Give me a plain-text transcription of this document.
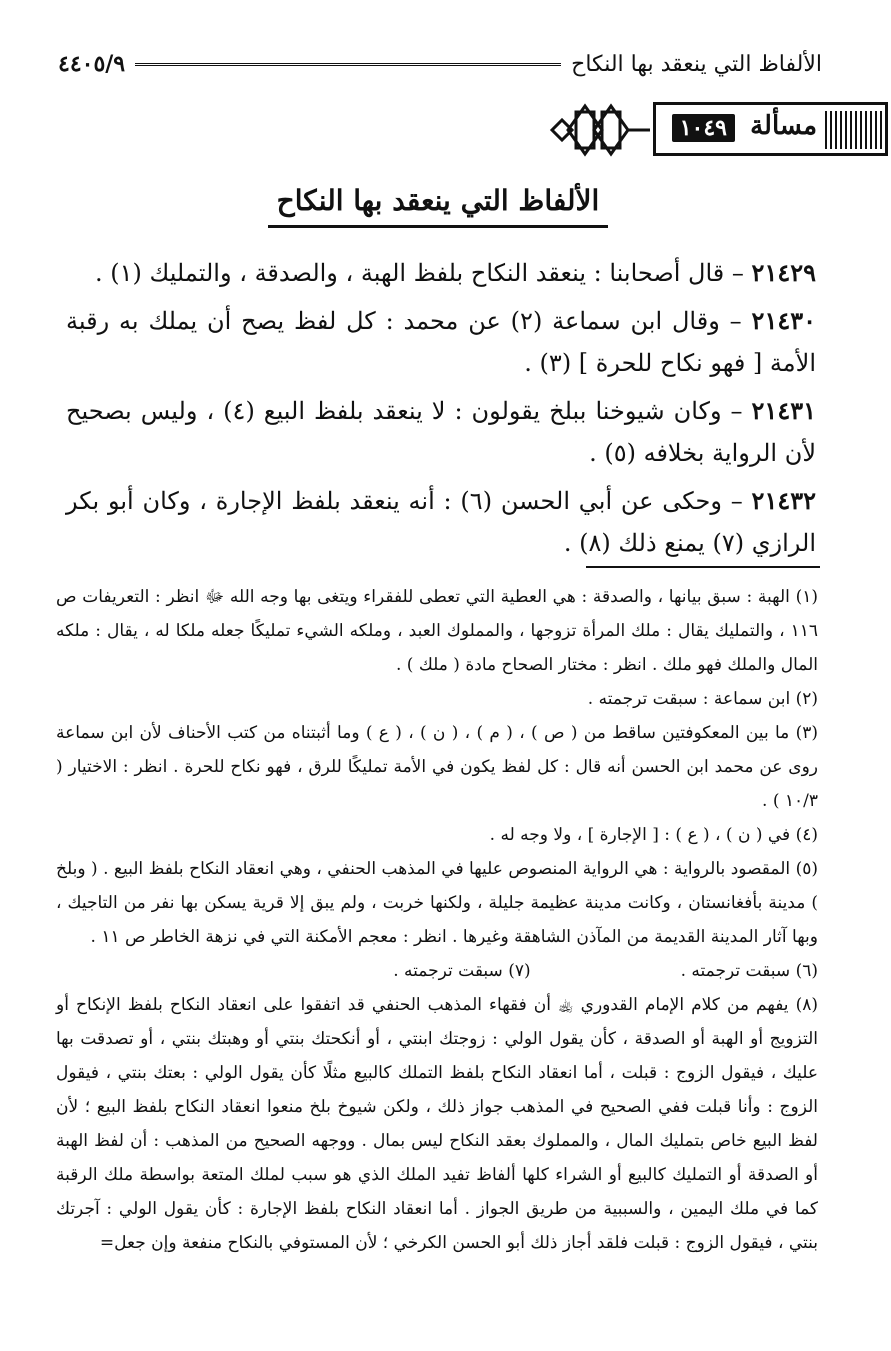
الألفاظ التي ينعقد بها النكاح
٤٤٠٥/٩
مسألة
١٠٤٩
الألفاظ التي ينعقد بها النكاح

٢١٤٢٩ – قال أصحابنا : ينعقد النكاح بلفظ الهبة ، والصدقة ، والتمليك (١) .

٢١٤٣٠ – وقال ابن سماعة (٢) عن محمد : كل لفظ يصح أن يملك به رقبة الأمة [ فهو نكاح للحرة ] (٣) .

٢١٤٣١ – وكان شيوخنا ببلخ يقولون : لا ينعقد بلفظ البيع (٤) ، وليس بصحيح لأن الرواية بخلافه (٥) .

٢١٤٣٢ – وحكى عن أبي الحسن (٦) : أنه ينعقد بلفظ الإجارة ، وكان أبو بكر الرازي (٧) يمنع ذلك (٨) .

(١) الهبة : سبق بيانها ، والصدقة : هي العطية التي تعطى للفقراء ويتغى بها وجه الله ﷻ انظر : التعريفات ص ١١٦ ، والتمليك يقال : ملك المرأة تزوجها ، والمملوك العبد ، وملكه الشيء تمليكًا جعله ملكا له ، يقال : ملكه المال والملك فهو ملك . انظر : مختار الصحاح مادة ( ملك ) .

(٢) ابن سماعة : سبقت ترجمته .

(٣) ما بين المعكوفتين ساقط من ( ص ) ، ( م ) ، ( ن ) ، ( ع ) وما أثبتناه من كتب الأحناف لأن ابن سماعة روى عن محمد ابن الحسن أنه قال : كل لفظ يكون في الأمة تمليكًا للرق ، فهو نكاح للحرة . انظر : الاختيار ( ١٠/٣ ) .

(٤) في ( ن ) ، ( ع ) : [ الإجارة ] ، ولا وجه له .

(٥) المقصود بالرواية : هي الرواية المنصوص عليها في المذهب الحنفي ، وهي انعقاد النكاح بلفظ البيع . ( وبلخ ) مدينة بأفغانستان ، وكانت مدينة عظيمة جليلة ، ولكنها خربت ، ولم يبق إلا قرية يسكن بها نفر من التاجيك ، وبها آثار المدينة القديمة من المآذن الشاهقة وغيرها . انظر : معجم الأمكنة التي في نزهة الخاطر ص ١١ .

(٦) سبقت ترجمته .
(٧) سبقت ترجمته .

(٨) يفهم من كلام الإمام القدوري ﵀ أن فقهاء المذهب الحنفي قد اتفقوا على انعقاد النكاح بلفظ الإنكاح أو التزويج أو الهبة أو الصدقة ، كأن يقول الولي : زوجتك ابنتي ، أو أنكحتك بنتي أو وهبتك بنتي ، أو تصدقت بها عليك ، فيقول الزوج : قبلت ، أما انعقاد النكاح بلفظ التملك كالبيع مثلًا كأن يقول الولي : بعتك بنتي ، فيقول الزوج : وأنا قبلت ففي الصحيح في المذهب جواز ذلك ، ولكن شيوخ بلخ منعوا انعقاد النكاح بلفظ البيع ؛ لأن لفظ البيع خاص بتمليك المال ، والمملوك بعقد النكاح ليس بمال . ووجهه الصحيح من المذهب : أن لفظ الهبة أو الصدقة أو التمليك كالبيع أو الشراء كلها ألفاظ تفيد الملك الذي هو سبب لملك المتعة بواسطة ملك الرقبة كما في ملك اليمين ، والسببية من طريق الجواز . أما انعقاد النكاح بلفظ الإجارة : كأن يقول الولي : آجرتك بنتي ، فيقول الزوج : قبلت فلقد أجاز ذلك أبو الحسن الكرخي ؛ لأن المستوفي بالنكاح منفعة وإن جعل=
